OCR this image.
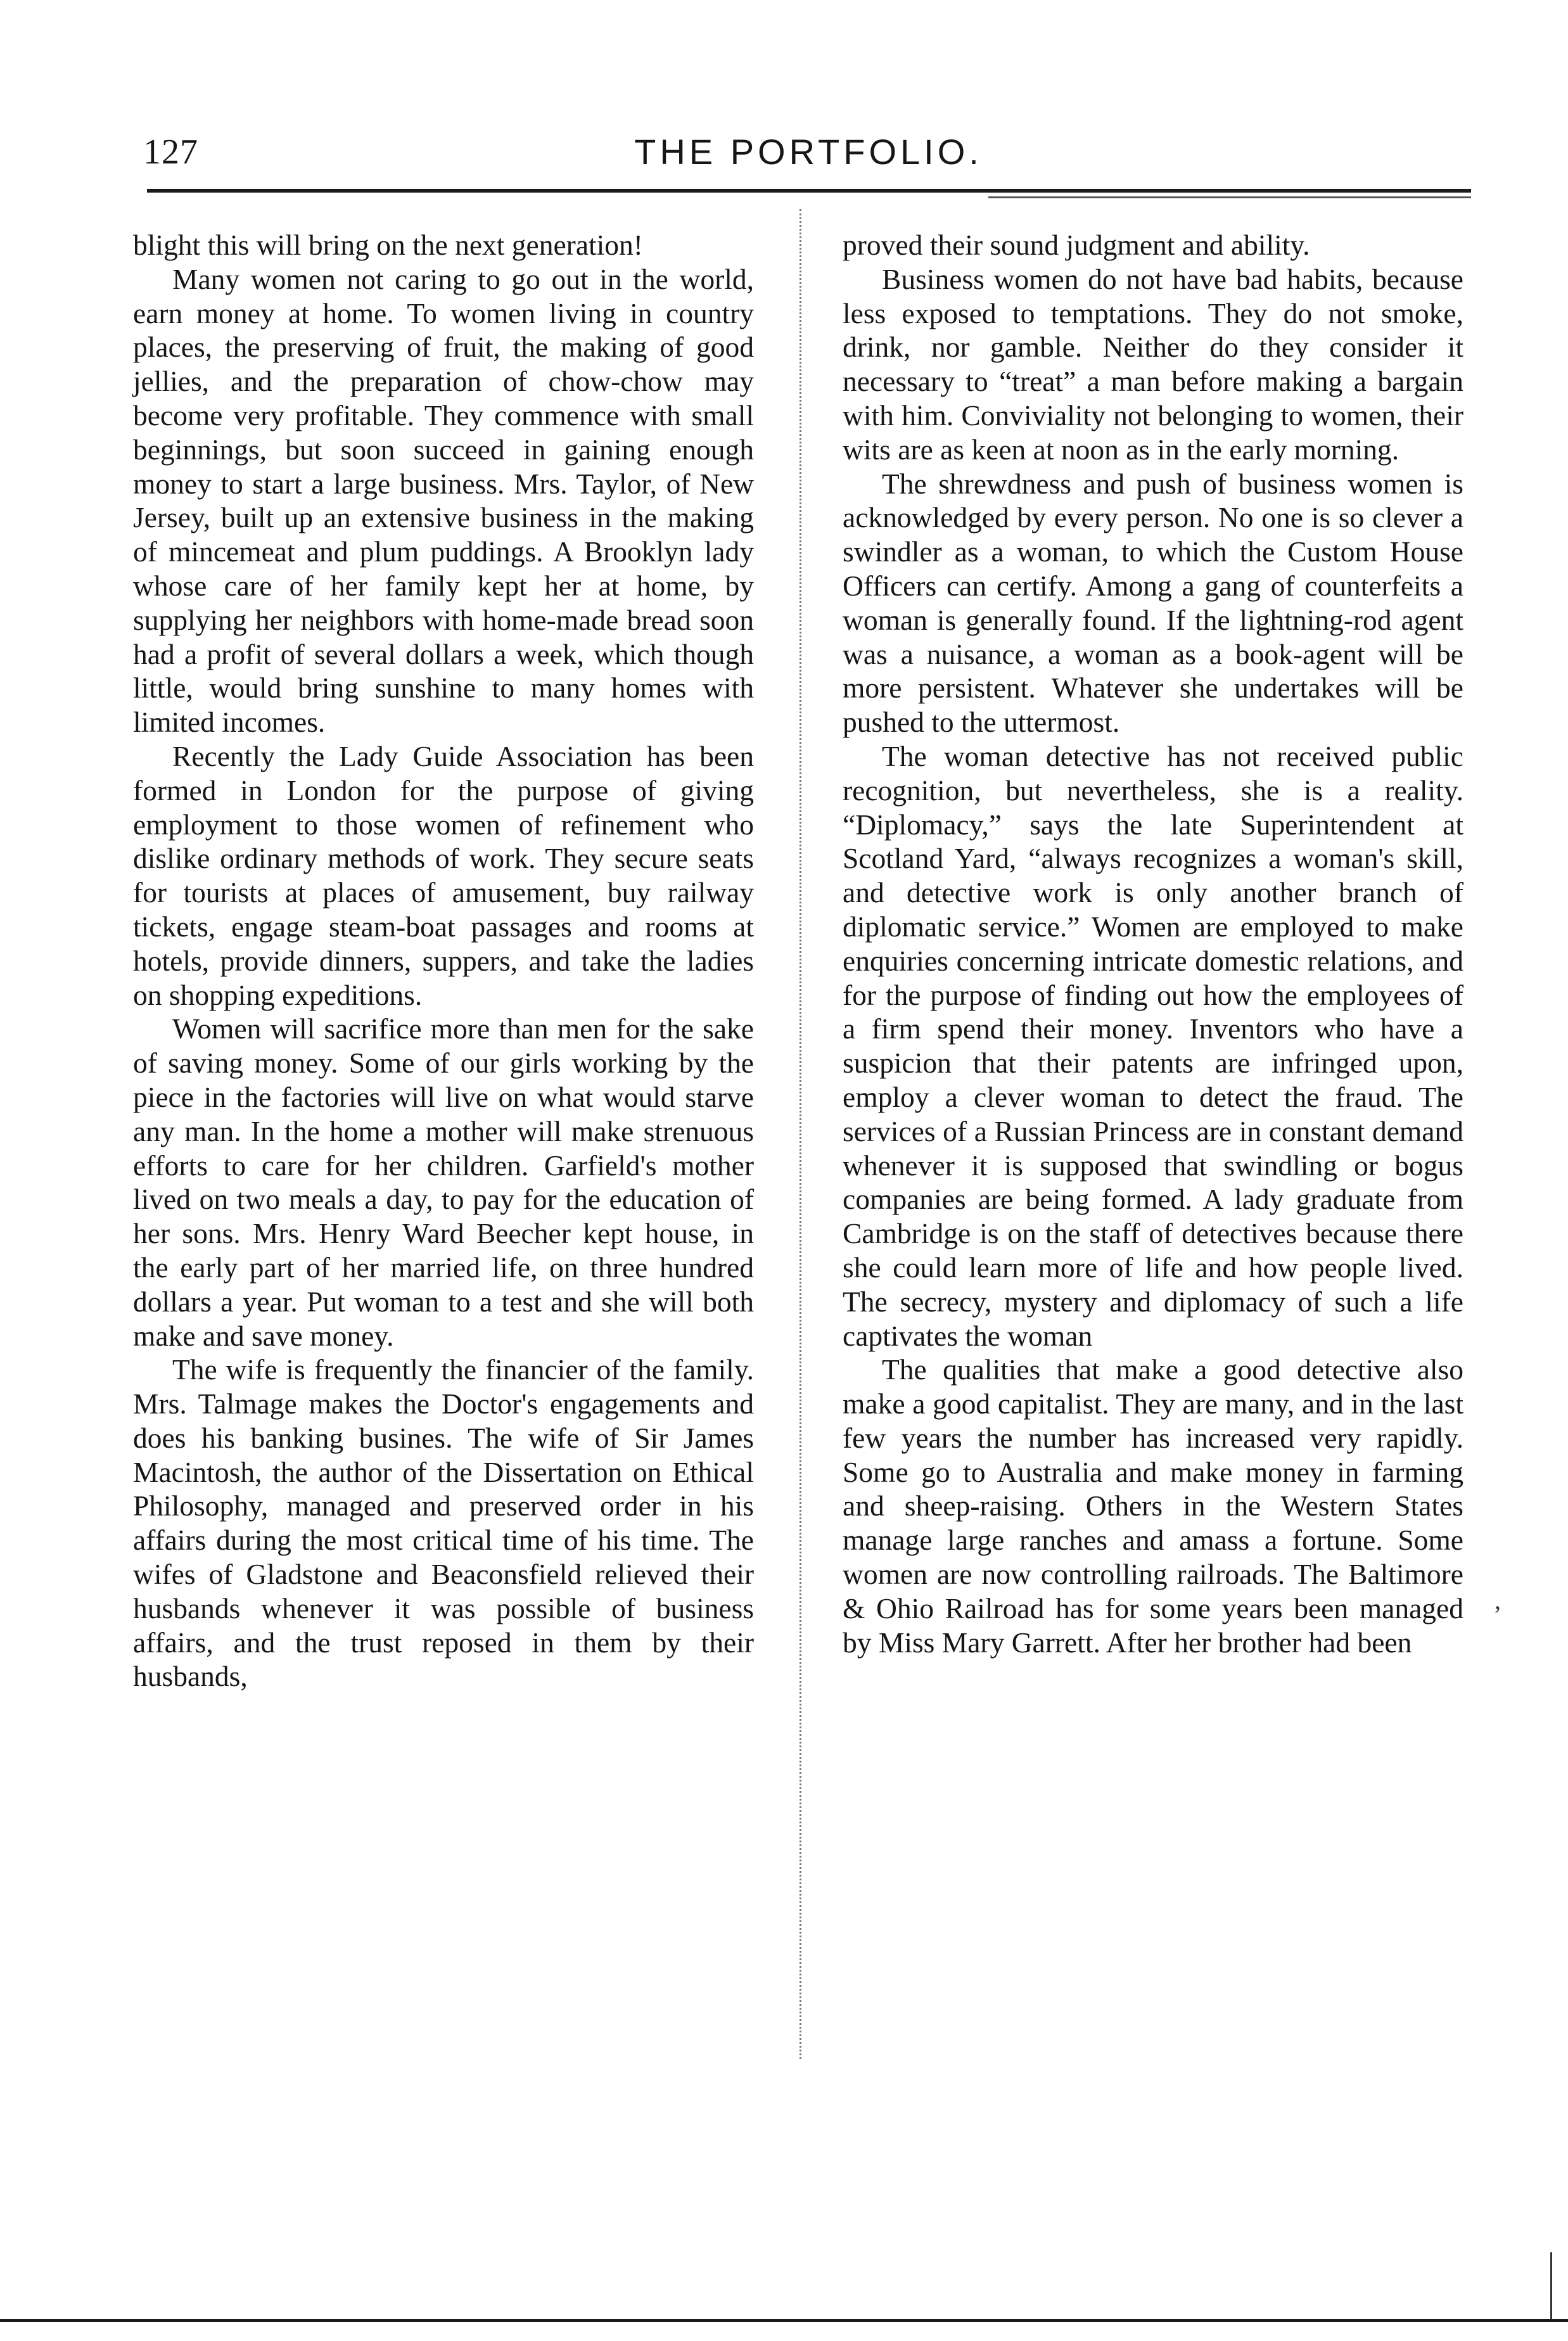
127	THE PORTFOLIO.

blight this will bring on the next generation!

Many women not caring to go out in the world, earn money at home. To women living in country places, the preserving of fruit, the making of good jellies, and the preparation of chow-chow may become very profitable. They commence with small beginnings, but soon succeed in gaining enough money to start a large business. Mrs. Taylor, of New Jersey, built up an extensive business in the making of mincemeat and plum puddings. A Brooklyn lady whose care of her family kept her at home, by supplying her neighbors with home-made bread soon had a profit of several dollars a week, which though little, would bring sunshine to many homes with limited incomes.

Recently the Lady Guide Association has been formed in London for the purpose of giving employment to those women of refinement who dislike ordinary methods of work. They secure seats for tourists at places of amusement, buy railway tickets, engage steam-boat passages and rooms at hotels, provide dinners, suppers, and take the ladies on shopping expeditions.

Women will sacrifice more than men for the sake of saving money. Some of our girls working by the piece in the factories will live on what would starve any man. In the home a mother will make strenuous efforts to care for her children. Garfield's mother lived on two meals a day, to pay for the education of her sons. Mrs. Henry Ward Beecher kept house, in the early part of her married life, on three hundred dollars a year. Put woman to a test and she will both make and save money.

The wife is frequently the financier of the family. Mrs. Talmage makes the Doctor's engagements and does his banking busines. The wife of Sir James Macintosh, the author of the Dissertation on Ethical Philosophy, managed and preserved order in his affairs during the most critical time of his time. The wifes of Gladstone and Beaconsfield relieved their husbands whenever it was possible of business affairs, and the trust reposed in them by their husbands,

proved their sound judgment and ability.

Business women do not have bad habits, because less exposed to temptations. They do not smoke, drink, nor gamble. Neither do they consider it necessary to “treat” a man before making a bargain with him. Conviviality not belonging to women, their wits are as keen at noon as in the early morning.

The shrewdness and push of business women is acknowledged by every person. No one is so clever a swindler as a woman, to which the Custom House Officers can certify. Among a gang of counterfeits a woman is generally found. If the lightning-rod agent was a nuisance, a woman as a book-agent will be more persistent. Whatever she undertakes will be pushed to the uttermost.

The woman detective has not received public recognition, but nevertheless, she is a reality. “Diplomacy,” says the late Superintendent at Scotland Yard, “always recognizes a woman's skill, and detective work is only another branch of diplomatic service.” Women are employed to make enquiries concerning intricate domestic relations, and for the purpose of finding out how the employees of a firm spend their money. Inventors who have a suspicion that their patents are infringed upon, employ a clever woman to detect the fraud. The services of a Russian Princess are in constant demand whenever it is supposed that swindling or bogus companies are being formed. A lady graduate from Cambridge is on the staff of detectives because there she could learn more of life and how people lived. The secrecy, mystery and diplomacy of such a life captivates the woman

The qualities that make a good detective also make a good capitalist. They are many, and in the last few years the number has increased very rapidly. Some go to Australia and make money in farming and sheep-raising. Others in the Western States manage large ranches and amass a fortune. Some women are now controlling railroads. The Baltimore & Ohio Railroad has for some years been managed by Miss Mary Garrett. After her brother had been

’
